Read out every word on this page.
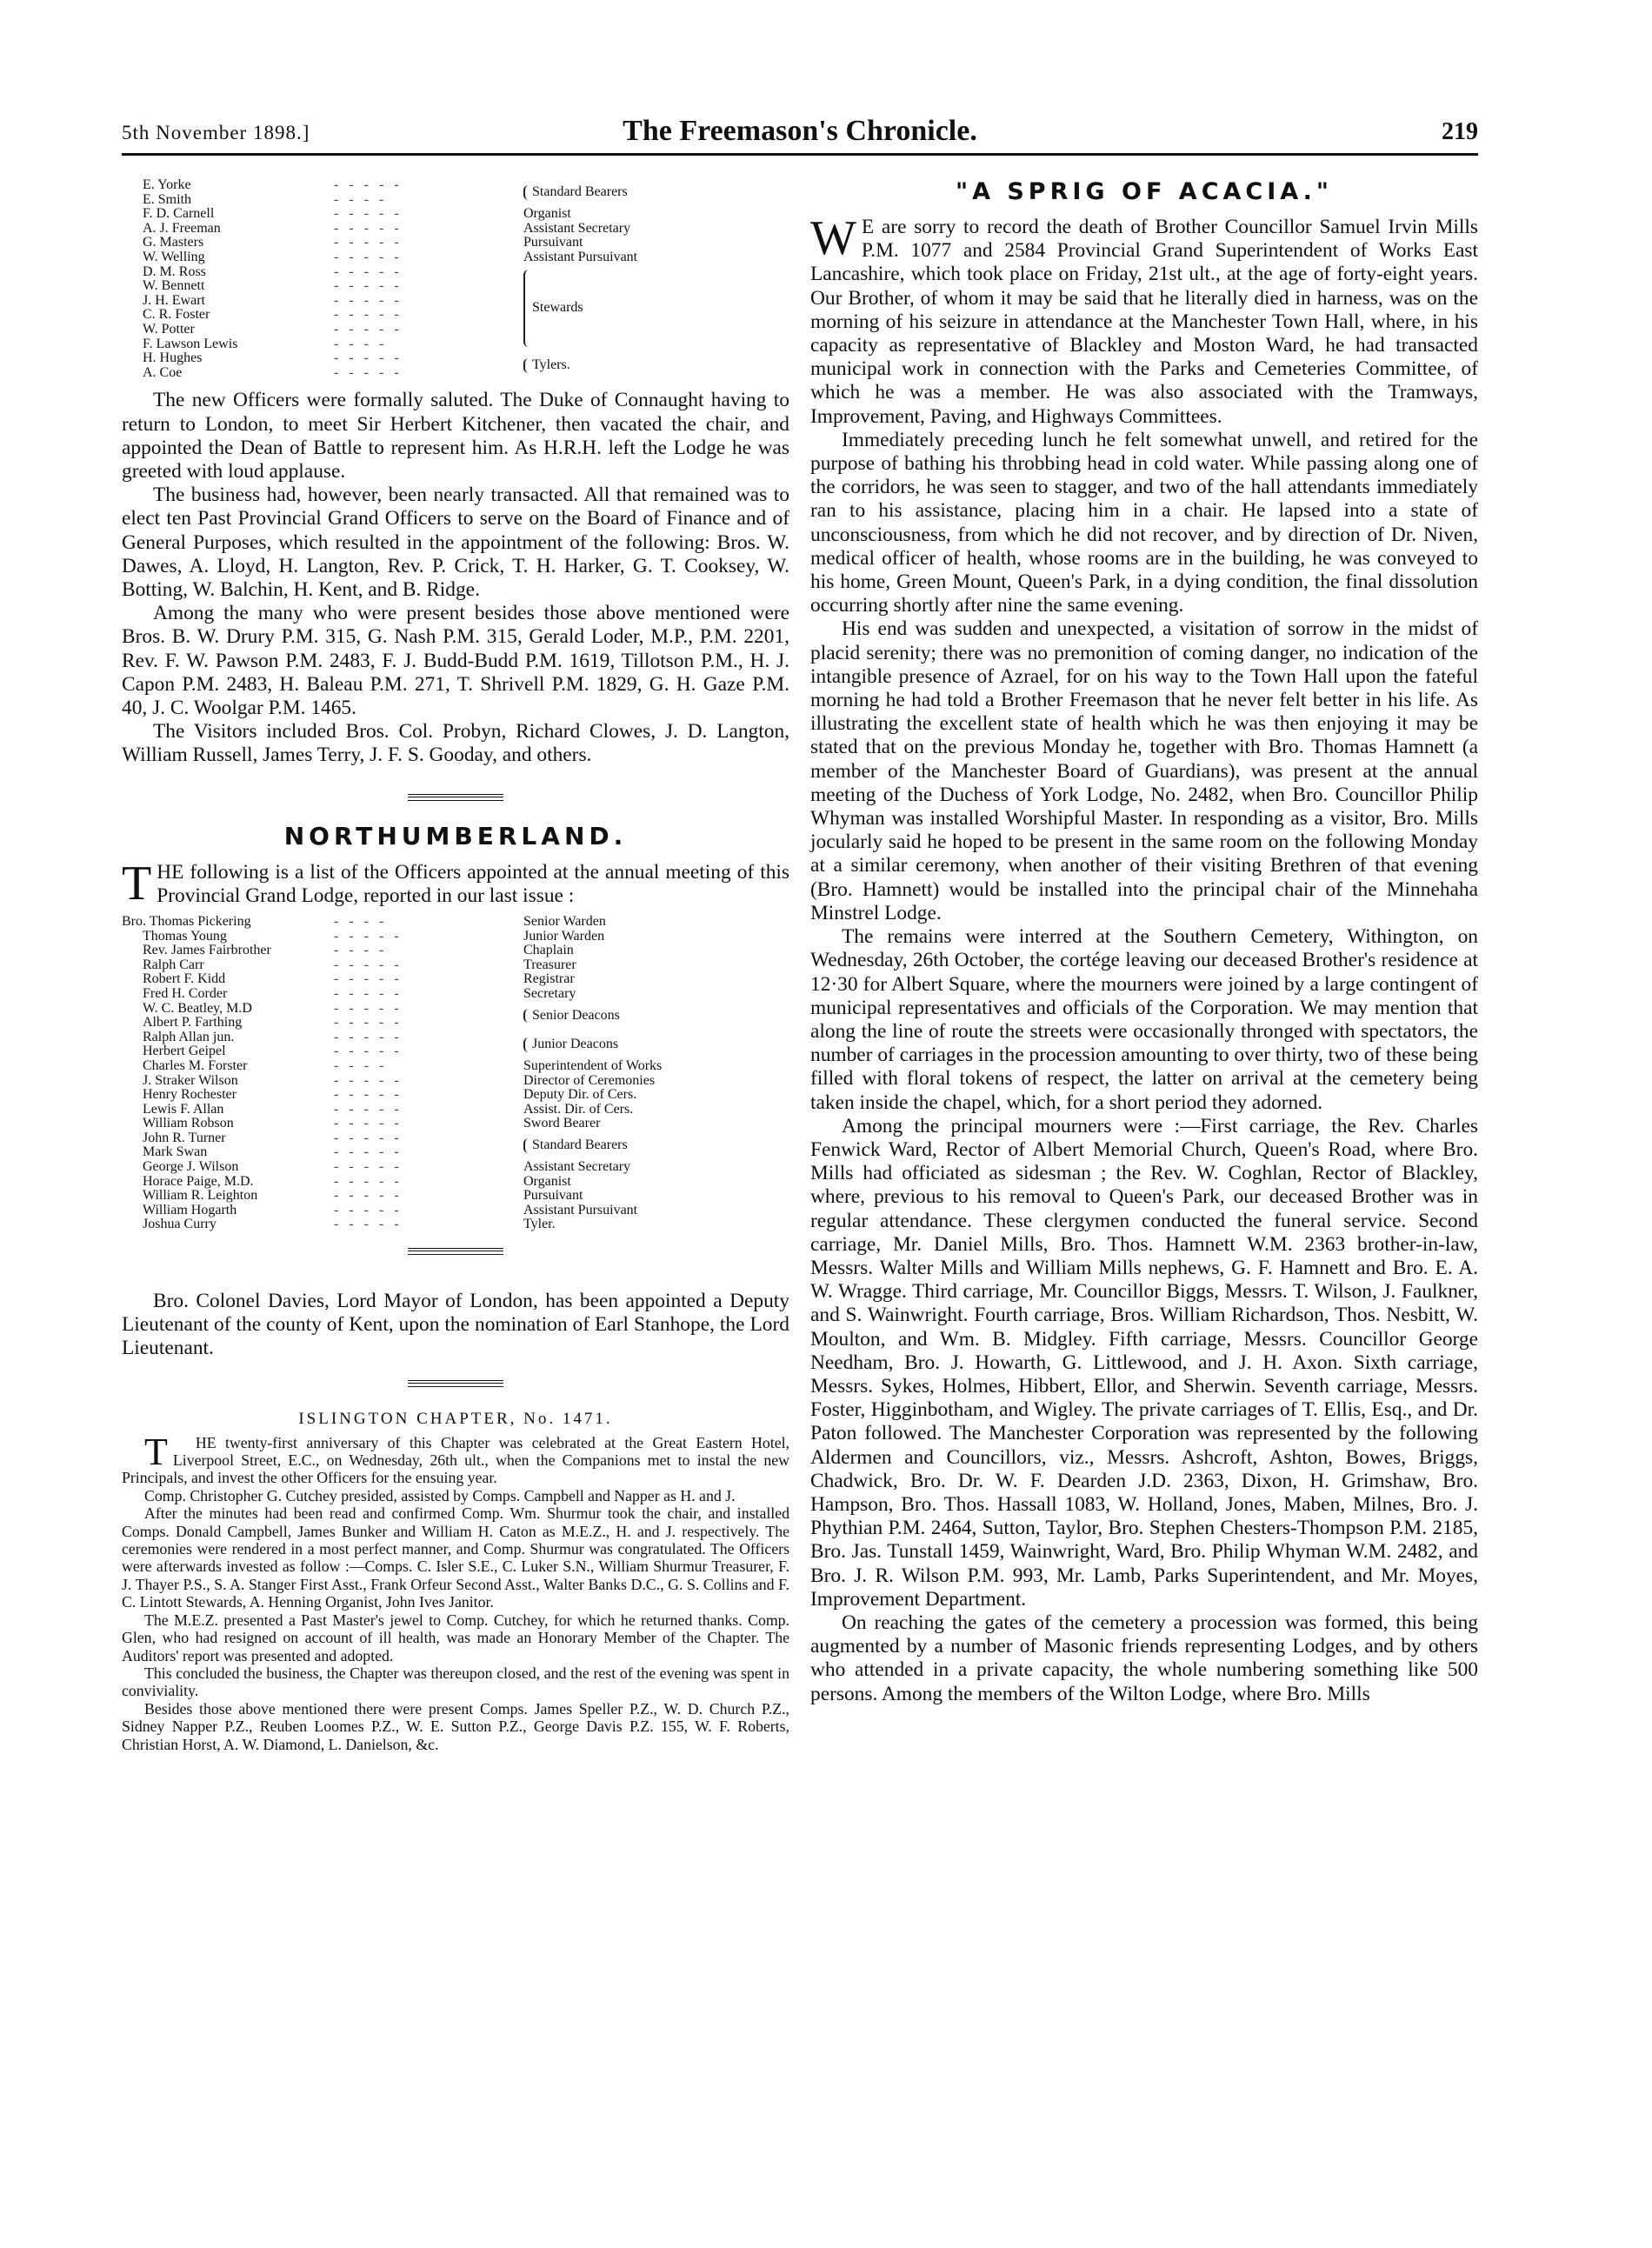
5th November 1898.]	The Freemason's Chronicle.	219
E. Yorke	- - - - -	Standard Bearers
E. Smith	- - - -	
F. D. Carnell	- - - - -	Organist
A. J. Freeman	- - - - -	Assistant Secretary
G. Masters	- - - - -	Pursuivant
W. Welling	- - - - -	Assistant Pursuivant
D. M. Ross	- - - - -	Stewards
W. Bennett	- - - - -	
J. H. Ewart	- - - - -	
C. R. Foster	- - - - -	
W. Potter	- - - - -	
F. Lawson Lewis	- - - -	
H. Hughes	- - - - -	Tylers.
A. Coe	- - - - -	

The new Officers were formally saluted. The Duke of Connaught having to return to London, to meet Sir Herbert Kitchener, then vacated the chair, and appointed the Dean of Battle to represent him. As H.R.H. left the Lodge he was greeted with loud applause.

The business had, however, been nearly transacted. All that remained was to elect ten Past Provincial Grand Officers to serve on the Board of Finance and of General Purposes, which resulted in the appointment of the following: Bros. W. Dawes, A. Lloyd, H. Langton, Rev. P. Crick, T. H. Harker, G. T. Cooksey, W. Botting, W. Balchin, H. Kent, and B. Ridge.

Among the many who were present besides those above mentioned were Bros. B. W. Drury P.M. 315, G. Nash P.M. 315, Gerald Loder, M.P., P.M. 2201, Rev. F. W. Pawson P.M. 2483, F. J. Budd-Budd P.M. 1619, Tillotson P.M., H. J. Capon P.M. 2483, H. Baleau P.M. 271, T. Shrivell P.M. 1829, G. H. Gaze P.M. 40, J. C. Woolgar P.M. 1465.

The Visitors included Bros. Col. Probyn, Richard Clowes, J. D. Langton, William Russell, James Terry, J. F. S. Gooday, and others.

NORTHUMBERLAND.

THE following is a list of the Officers appointed at the annual meeting of this Provincial Grand Lodge, reported in our last issue :

Bro. Thomas Pickering	- - - -	Senior Warden
Thomas Young	- - - - -	Junior Warden
Rev. James Fairbrother	- - - -	Chaplain
Ralph Carr	- - - - -	Treasurer
Robert F. Kidd	- - - - -	Registrar
Fred H. Corder	- - - - -	Secretary
W. C. Beatley, M.D	- - - - -	Senior Deacons
Albert P. Farthing	- - - - -	
Ralph Allan jun.	- - - - -	Junior Deacons
Herbert Geipel	- - - - -	
Charles M. Forster	- - - -	Superintendent of Works
J. Straker Wilson	- - - - -	Director of Ceremonies
Henry Rochester	- - - - -	Deputy Dir. of Cers.
Lewis F. Allan	- - - - -	Assist. Dir. of Cers.
William Robson	- - - - -	Sword Bearer
John R. Turner	- - - - -	Standard Bearers
Mark Swan	- - - - -	
George J. Wilson	- - - - -	Assistant Secretary
Horace Paige, M.D.	- - - - -	Organist
William R. Leighton	- - - - -	Pursuivant
William Hogarth	- - - - -	Assistant Pursuivant
Joshua Curry	- - - - -	Tyler.

Bro. Colonel Davies, Lord Mayor of London, has been appointed a Deputy Lieutenant of the county of Kent, upon the nomination of Earl Stanhope, the Lord Lieutenant.

ISLINGTON CHAPTER, No. 1471.

T	HE twenty-first anniversary of this Chapter was celebrated at the Great Eastern Hotel, Liverpool Street, E.C., on Wednesday, 26th ult., when the Companions met to instal the new Principals, and invest the other Officers for the ensuing year.

Comp. Christopher G. Cutchey presided, assisted by Comps. Campbell and Napper as H. and J.

After the minutes had been read and confirmed Comp. Wm. Shurmur took the chair, and installed Comps. Donald Campbell, James Bunker and William H. Caton as M.E.Z., H. and J. respectively. The ceremonies were rendered in a most perfect manner, and Comp. Shurmur was congratulated. The Officers were afterwards invested as follow :—Comps. C. Isler S.E., C. Luker S.N., William Shurmur Treasurer, F. J. Thayer P.S., S. A. Stanger First Asst., Frank Orfeur Second Asst., Walter Banks D.C., G. S. Collins and F. C. Lintott Stewards, A. Henning Organist, John Ives Janitor.

The M.E.Z. presented a Past Master's jewel to Comp. Cutchey, for which he returned thanks. Comp. Glen, who had resigned on account of ill health, was made an Honorary Member of the Chapter. The Auditors' report was presented and adopted.

This concluded the business, the Chapter was thereupon closed, and the rest of the evening was spent in conviviality.

Besides those above mentioned there were present Comps. James Speller P.Z., W. D. Church P.Z., Sidney Napper P.Z., Reuben Loomes P.Z., W. E. Sutton P.Z., George Davis P.Z. 155, W. F. Roberts, Christian Horst, A. W. Diamond, L. Danielson, &c.

"A SPRIG OF ACACIA."

W E are sorry to record the death of Brother Councillor Samuel Irvin Mills P.M. 1077 and 2584 Provincial Grand Superintendent of Works East Lancashire, which took place on Friday, 21st ult., at the age of forty-eight years. Our Brother, of whom it may be said that he literally died in harness, was on the morning of his seizure in attendance at the Manchester Town Hall, where, in his capacity as representative of Blackley and Moston Ward, he had transacted municipal work in connection with the Parks and Cemeteries Committee, of which he was a member. He was also associated with the Tramways, Improvement, Paving, and Highways Committees.

Immediately preceding lunch he felt somewhat unwell, and retired for the purpose of bathing his throbbing head in cold water. While passing along one of the corridors, he was seen to stagger, and two of the hall attendants immediately ran to his assistance, placing him in a chair. He lapsed into a state of unconsciousness, from which he did not recover, and by direction of Dr. Niven, medical officer of health, whose rooms are in the building, he was conveyed to his home, Green Mount, Queen's Park, in a dying condition, the final dissolution occurring shortly after nine the same evening.

His end was sudden and unexpected, a visitation of sorrow in the midst of placid serenity; there was no premonition of coming danger, no indication of the intangible presence of Azrael, for on his way to the Town Hall upon the fateful morning he had told a Brother Freemason that he never felt better in his life. As illustrating the excellent state of health which he was then enjoying it may be stated that on the previous Monday he, together with Bro. Thomas Hamnett (a member of the Manchester Board of Guardians), was present at the annual meeting of the Duchess of York Lodge, No. 2482, when Bro. Councillor Philip Whyman was installed Worshipful Master. In responding as a visitor, Bro. Mills jocularly said he hoped to be present in the same room on the following Monday at a similar ceremony, when another of their visiting Brethren of that evening (Bro. Hamnett) would be installed into the principal chair of the Minnehaha Minstrel Lodge.

The remains were interred at the Southern Cemetery, Withington, on Wednesday, 26th October, the cortége leaving our deceased Brother's residence at 12·30 for Albert Square, where the mourners were joined by a large contingent of municipal representatives and officials of the Corporation. We may mention that along the line of route the streets were occasionally thronged with spectators, the number of carriages in the procession amounting to over thirty, two of these being filled with floral tokens of respect, the latter on arrival at the cemetery being taken inside the chapel, which, for a short period they adorned.

Among the principal mourners were :—First carriage, the Rev. Charles Fenwick Ward, Rector of Albert Memorial Church, Queen's Road, where Bro. Mills had officiated as sidesman ; the Rev. W. Coghlan, Rector of Blackley, where, previous to his removal to Queen's Park, our deceased Brother was in regular attendance. These clergymen conducted the funeral service. Second carriage, Mr. Daniel Mills, Bro. Thos. Hamnett W.M. 2363 brother-in-law, Messrs. Walter Mills and William Mills nephews, G. F. Hamnett and Bro. E. A. W. Wragge. Third carriage, Mr. Councillor Biggs, Messrs. T. Wilson, J. Faulkner, and S. Wainwright. Fourth carriage, Bros. William Richardson, Thos. Nesbitt, W. Moulton, and Wm. B. Midgley. Fifth carriage, Messrs. Councillor George Needham, Bro. J. Howarth, G. Littlewood, and J. H. Axon. Sixth carriage, Messrs. Sykes, Holmes, Hibbert, Ellor, and Sherwin. Seventh carriage, Messrs. Foster, Higginbotham, and Wigley. The private carriages of T. Ellis, Esq., and Dr. Paton followed. The Manchester Corporation was represented by the following Aldermen and Councillors, viz., Messrs. Ashcroft, Ashton, Bowes, Briggs, Chadwick, Bro. Dr. W. F. Dearden J.D. 2363, Dixon, H. Grimshaw, Bro. Hampson, Bro. Thos. Hassall 1083, W. Holland, Jones, Maben, Milnes, Bro. J. Phythian P.M. 2464, Sutton, Taylor, Bro. Stephen Chesters-Thompson P.M. 2185, Bro. Jas. Tunstall 1459, Wainwright, Ward, Bro. Philip Whyman W.M. 2482, and Bro. J. R. Wilson P.M. 993, Mr. Lamb, Parks Superintendent, and Mr. Moyes, Improvement Department.

On reaching the gates of the cemetery a procession was formed, this being augmented by a number of Masonic friends representing Lodges, and by others who attended in a private capacity, the whole numbering something like 500 persons. Among the members of the Wilton Lodge, where Bro. Mills
